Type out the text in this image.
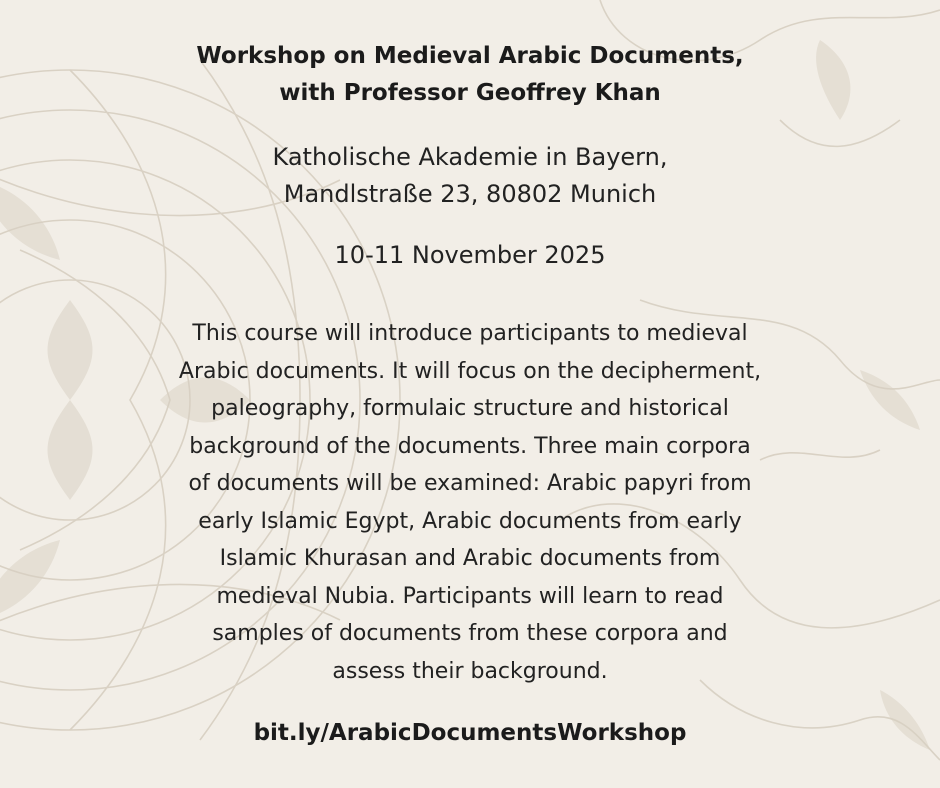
Workshop on Medieval Arabic Documents,
with Professor Geoffrey Khan
Katholische Akademie in Bayern,
Mandlstraße 23, 80802 Munich
10-11 November 2025
This course will introduce participants to medieval
Arabic documents. It will focus on the decipherment,
paleography, formulaic structure and historical
background of the documents. Three main corpora
of documents will be examined: Arabic papyri from
early Islamic Egypt, Arabic documents from early
Islamic Khurasan and Arabic documents from
medieval Nubia. Participants will learn to read
samples of documents from these corpora and
assess their background.
bit.ly/ArabicDocumentsWorkshop
